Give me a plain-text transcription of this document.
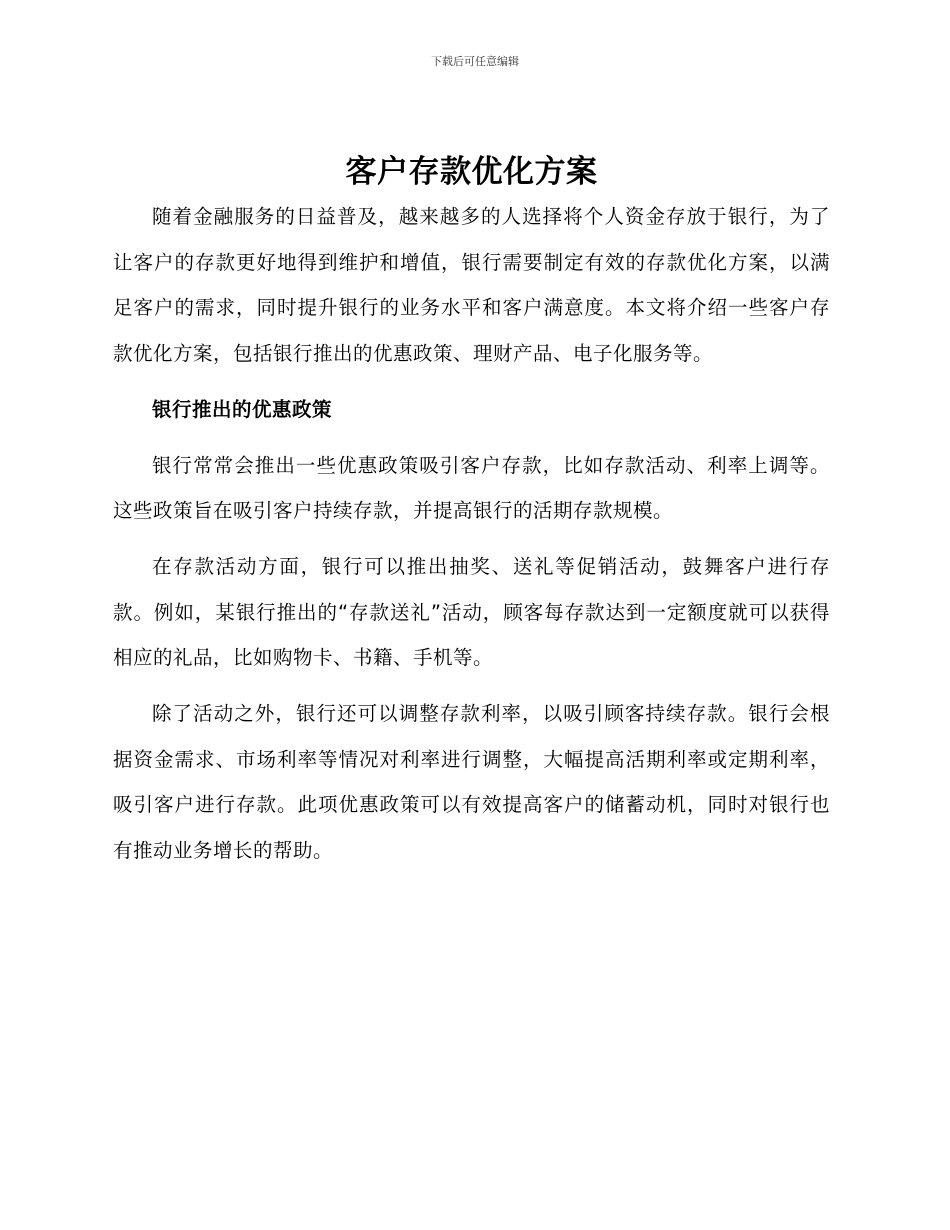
下载后可任意编辑
客户存款优化方案

随着金融服务的日益普及，越来越多的人选择将个人资金存放于银行，为了让客户的存款更好地得到维护和增值，银行需要制定有效的存款优化方案，以满足客户的需求，同时提升银行的业务水平和客户满意度。本文将介绍一些客户存款优化方案，包括银行推出的优惠政策、理财产品、电子化服务等。

银行推出的优惠政策

银行常常会推出一些优惠政策吸引客户存款，比如存款活动、利率上调等。这些政策旨在吸引客户持续存款，并提高银行的活期存款规模。

在存款活动方面，银行可以推出抽奖、送礼等促销活动，鼓舞客户进行存款。例如，某银行推出的“存款送礼”活动，顾客每存款达到一定额度就可以获得相应的礼品，比如购物卡、书籍、手机等。

除了活动之外，银行还可以调整存款利率，以吸引顾客持续存款。银行会根据资金需求、市场利率等情况对利率进行调整，大幅提高活期利率或定期利率，吸引客户进行存款。此项优惠政策可以有效提高客户的储蓄动机，同时对银行也有推动业务增长的帮助。
